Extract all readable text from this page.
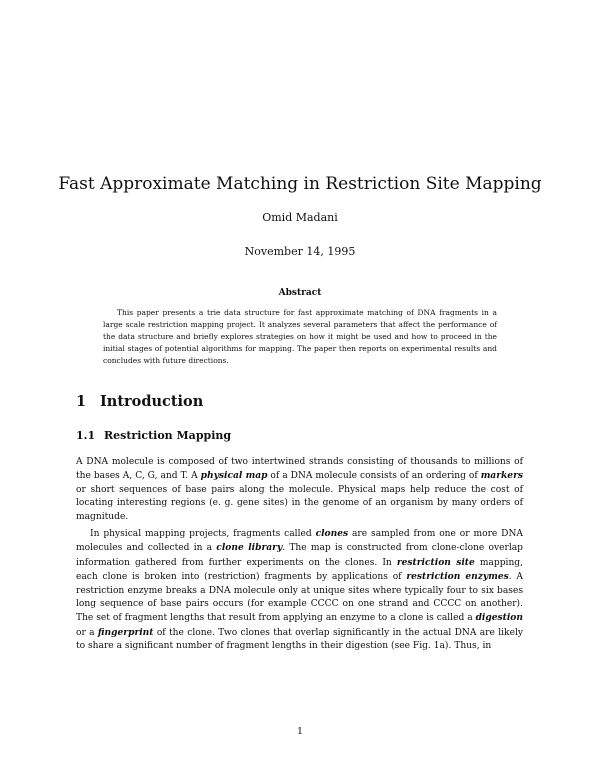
Fast Approximate Matching in Restriction Site Mapping
Omid Madani
November 14, 1995
Abstract

This paper presents a trie data structure for fast approximate matching of DNA fragments in a large scale restriction mapping project. It analyzes several parameters that affect the performance of the data structure and briefly explores strategies on how it might be used and how to proceed in the initial stages of potential algorithms for mapping. The paper then reports on experimental results and concludes with future directions.

1 Introduction
1.1 Restriction Mapping

A DNA molecule is composed of two intertwined strands consisting of thousands to millions of the bases A, C, G, and T. A physical map of a DNA molecule consists of an ordering of markers or short sequences of base pairs along the molecule. Physical maps help reduce the cost of locating interesting regions (e. g. gene sites) in the genome of an organism by many orders of magnitude.

In physical mapping projects, fragments called clones are sampled from one or more DNA molecules and collected in a clone library. The map is constructed from clone-clone overlap information gathered from further experiments on the clones. In restriction site mapping, each clone is broken into (restriction) fragments by applications of restriction enzymes. A restriction enzyme breaks a DNA molecule only at unique sites where typically four to six bases long sequence of base pairs occurs (for example CCCC on one strand and CCCC on another). The set of fragment lengths that result from applying an enzyme to a clone is called a digestion or a fingerprint of the clone. Two clones that overlap significantly in the actual DNA are likely to share a significant number of fragment lengths in their digestion (see Fig. 1a). Thus, in

1
